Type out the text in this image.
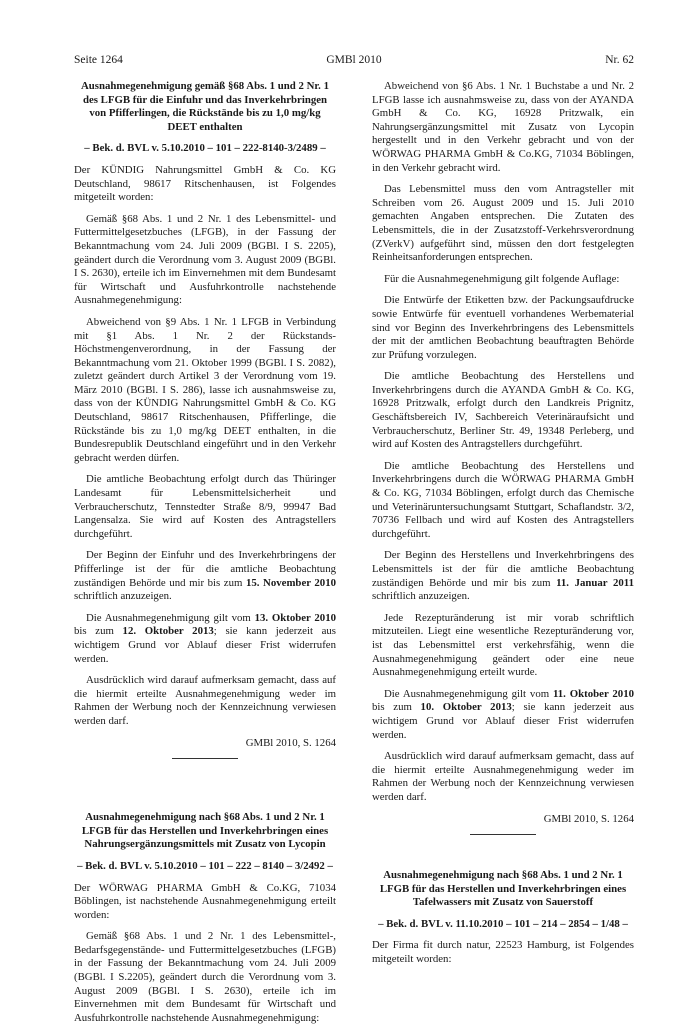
Seite 1264	GMBl 2010	Nr. 62

Ausnahmegenehmigung gemäß §68 Abs. 1 und 2 Nr. 1 des LFGB für die Einfuhr und das Inverkehrbringen von Pfifferlingen, die Rückstände bis zu 1,0 mg/kg DEET enthalten

– Bek. d. BVL v. 5.10.2010 – 101 – 222-8140-3/2489 –

Der KÜNDIG Nahrungsmittel GmbH & Co. KG Deutschland, 98617 Ritschenhausen, ist Folgendes mitgeteilt worden:

Gemäß §68 Abs. 1 und 2 Nr. 1 des Lebensmittel- und Futtermittelgesetzbuches (LFGB), in der Fassung der Bekanntmachung vom 24. Juli 2009 (BGBl. I S. 2205), geändert durch die Verordnung vom 3. August 2009 (BGBl. I S. 2630), erteile ich im Einvernehmen mit dem Bundesamt für Wirtschaft und Ausfuhrkontrolle nachstehende Ausnahmegenehmigung:

Abweichend von §9 Abs. 1 Nr. 1 LFGB in Verbindung mit §1 Abs. 1 Nr. 2 der Rückstands-Höchstmengenverordnung, in der Fassung der Bekanntmachung vom 21. Oktober 1999 (BGBl. I S. 2082), zuletzt geändert durch Artikel 3 der Verordnung vom 19. März 2010 (BGBl. I S. 286), lasse ich ausnahmsweise zu, dass von der KÜNDIG Nahrungsmittel GmbH & Co. KG Deutschland, 98617 Ritschenhausen, Pfifferlinge, die Rückstände bis zu 1,0 mg/kg DEET enthalten, in die Bundesrepublik Deutschland eingeführt und in den Verkehr gebracht werden dürfen.

Die amtliche Beobachtung erfolgt durch das Thüringer Landesamt für Lebensmittelsicherheit und Verbraucherschutz, Tennstedter Straße 8/9, 99947 Bad Langensalza. Sie wird auf Kosten des Antragstellers durchgeführt.

Der Beginn der Einfuhr und des Inverkehrbringens der Pfifferlinge ist der für die amtliche Beobachtung zuständigen Behörde und mir bis zum 15. November 2010 schriftlich anzuzeigen.

Die Ausnahmegenehmigung gilt vom 13. Oktober 2010 bis zum 12. Oktober 2013; sie kann jederzeit aus wichtigem Grund vor Ablauf dieser Frist widerrufen werden.

Ausdrücklich wird darauf aufmerksam gemacht, dass auf die hiermit erteilte Ausnahmegenehmigung weder im Rahmen der Werbung noch der Kennzeichnung verwiesen werden darf.

GMBl 2010, S. 1264

Ausnahmegenehmigung nach §68 Abs. 1 und 2 Nr. 1 LFGB für das Herstellen und Inverkehrbringen eines Nahrungsergänzungsmittels mit Zusatz von Lycopin

– Bek. d. BVL v. 5.10.2010 – 101 – 222 – 8140 – 3/2492 –

Der WÖRWAG PHARMA GmbH & Co.KG, 71034 Böblingen, ist nachstehende Ausnahmegenehmigung erteilt worden:

Gemäß §68 Abs. 1 und 2 Nr. 1 des Lebensmittel-, Bedarfsgegenstände- und Futtermittelgesetzbuches (LFGB) in der Fassung der Bekanntmachung vom 24. Juli 2009 (BGBl. I S.2205), geändert durch die Verordnung vom 3. August 2009 (BGBl. I S. 2630), erteile ich im Einvernehmen mit dem Bundesamt für Wirtschaft und Ausfuhrkontrolle nachstehende Ausnahmegenehmigung:

Abweichend von §6 Abs. 1 Nr. 1 Buchstabe a und Nr. 2 LFGB lasse ich ausnahmsweise zu, dass von der AYANDA GmbH & Co. KG, 16928 Pritzwalk, ein Nahrungsergänzungsmittel mit Zusatz von Lycopin hergestellt und in den Verkehr gebracht und von der WÖRWAG PHARMA GmbH & Co.KG, 71034 Böblingen, in den Verkehr gebracht wird.

Das Lebensmittel muss den vom Antragsteller mit Schreiben vom 26. August 2009 und 15. Juli 2010 gemachten Angaben entsprechen. Die Zutaten des Lebensmittels, die in der Zusatzstoff-Verkehrsverordnung (ZVerkV) aufgeführt sind, müssen den dort festgelegten Reinheitsanforderungen entsprechen.

Für die Ausnahmegenehmigung gilt folgende Auflage:

Die Entwürfe der Etiketten bzw. der Packungsaufdrucke sowie Entwürfe für eventuell vorhandenes Werbematerial sind vor Beginn des Inverkehrbringens des Lebensmittels der mit der amtlichen Beobachtung beauftragten Behörde zur Prüfung vorzulegen.

Die amtliche Beobachtung des Herstellens und Inverkehrbringens durch die AYANDA GmbH & Co. KG, 16928 Pritzwalk, erfolgt durch den Landkreis Prignitz, Geschäftsbereich IV, Sachbereich Veterinäraufsicht und Verbraucherschutz, Berliner Str. 49, 19348 Perleberg, und wird auf Kosten des Antragstellers durchgeführt.

Die amtliche Beobachtung des Herstellens und Inverkehrbringens durch die WÖRWAG PHARMA GmbH & Co. KG, 71034 Böblingen, erfolgt durch das Chemische und Veterinäruntersuchungsamt Stuttgart, Schaflandstr. 3/2, 70736 Fellbach und wird auf Kosten des Antragstellers durchgeführt.

Der Beginn des Herstellens und Inverkehrbringens des Lebensmittels ist der für die amtliche Beobachtung zuständigen Behörde und mir bis zum 11. Januar 2011 schriftlich anzuzeigen.

Jede Rezepturänderung ist mir vorab schriftlich mitzuteilen. Liegt eine wesentliche Rezepturänderung vor, ist das Lebensmittel erst verkehrsfähig, wenn die Ausnahmegenehmigung geändert oder eine neue Ausnahmegenehmigung erteilt wurde.

Die Ausnahmegenehmigung gilt vom 11. Oktober 2010 bis zum 10. Oktober 2013; sie kann jederzeit aus wichtigem Grund vor Ablauf dieser Frist widerrufen werden.

Ausdrücklich wird darauf aufmerksam gemacht, dass auf die hiermit erteilte Ausnahmegenehmigung weder im Rahmen der Werbung noch der Kennzeichnung verwiesen werden darf.

GMBl 2010, S. 1264

Ausnahmegenehmigung nach §68 Abs. 1 und 2 Nr. 1 LFGB für das Herstellen und Inverkehrbringen eines Tafelwassers mit Zusatz von Sauerstoff

– Bek. d. BVL v. 11.10.2010 – 101 – 214 – 2854 – 1/48 –

Der Firma fit durch natur, 22523 Hamburg, ist Folgendes mitgeteilt worden:
